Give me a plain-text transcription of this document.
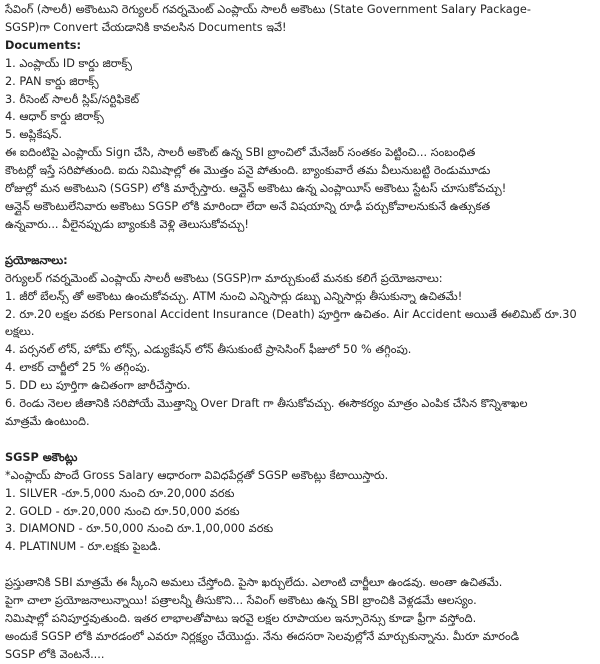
సేవింగ్ (సాలరీ) అకౌంటుని రెగ్యులర్ గవర్నమెంట్ ఎంప్లాయ్ సాలరీ అకౌంటు (State Government Salary Package-
SGSP)గా Convert చేయడానికి కావలసిన Documents ఇవే!
Documents:
1. ఎంప్లాయ్ ID కార్డు జిరాక్స్
2. PAN కార్డు జిరాక్స్
3. రీసెంట్ సాలరీ స్లిప్/సర్టిఫికెట్
4. ఆధార్ కార్డు జిరాక్స్
5. అప్లికేషన్.
ఈ ఐదింటిపై ఎంప్లాయ్ Sign చేసి, సాలరీ అకౌంట్ ఉన్న SBI బ్రాంచిలో మేనేజర్ సంతకం పెట్టించి... సంబంధిత
కౌంటర్లో ఇస్తే సరిపోతుంది. ఐదు నిమిషాల్లో ఈ మొత్తం పనై పోతుంది. బ్యాంకువారే తమ వీలునుబట్టి రెండుమూడు
రోజుల్లో మన అకౌంటుని (SGSP) లోకి మార్చేస్తారు. ఆన్లైన్ అకౌంటు ఉన్న ఎంప్లాయీస్ అకౌంటు స్టేటస్ చూసుకోవచ్చు!
ఆన్లైన్ అకౌంటులేనివారు అకౌంటు SGSP లోకి మారిందా లేదా అనే విషయాన్ని రూఢీ పర్చుకోవాలనుకునే ఉత్సుకత
ఉన్నవారు... వీలైనప్పుడు బ్యాంకుకి వెళ్లి తెలుసుకోవచ్చు!
ప్రయోజనాలు:
రెగ్యులర్ గవర్నమెంట్ ఎంప్లాయ్ సాలరీ అకౌంటు (SGSP)గా మార్చుకుంటే మనకు కలిగే ప్రయోజనాలు:
1. జీరో బేలన్స్ తో అకౌంటు ఉంచుకోవచ్చు. ATM నుంచి ఎన్నిసార్లు డబ్బు ఎన్నిసార్లు తీసుకున్నా ఉచితమే!
2. రూ.20 లక్షల వరకు Personal Accident Insurance (Death) పూర్తిగా ఉచితం. Air Accident అయితే ఈలిమిట్ రూ.30
లక్షలు.
4. పర్సనల్ లోన్, హోమ్ లోన్స్, ఎడ్యుకేషన్ లోన్ తీసుకుంటే ప్రాసెసింగ్ ఫీజులో 50 % తగ్గింపు.
4. లాకర్ చార్జీలో 25 % తగ్గింపు.
5. DD లు పూర్తిగా ఉచితంగా జారీచేస్తారు.
6. రెండు నెలల జీతానికి సరిపోయే మొత్తాన్ని Over Draft గా తీసుకోవచ్చు. ఈసౌకర్యం మాత్రం ఎంపిక చేసిన కొన్నిశాఖల
మాత్రమే ఉంటుంది.
SGSP అకౌంట్లు
*ఎంప్లాయ్ పొందే Gross Salary ఆధారంగా వివిధపేర్లతో SGSP అకౌంట్లు కేటాయిస్తారు.
1. SILVER -రూ.5,000 నుంచి రూ.20,000 వరకు
2. GOLD - రూ.20,000 నుంచి రూ.50,000 వరకు
3. DIAMOND - రూ.50,000 నుంచి రూ.1,00,000 వరకు
4. PLATINUM - రూ.లక్షకు పైబడి.
ప్రస్తుతానికి SBI మాత్రమే ఈ స్కీంని అమలు చేస్తోంది. పైసా ఖర్చులేదు. ఎలాంటి చార్జీలూ ఉండవు. అంతా ఉచితమే.
పైగా చాలా ప్రయోజనాలున్నాయి! పత్రాలన్నీ తీసుకొని... సేవింగ్ అకౌంటు ఉన్న SBI బ్రాంచికి వెళ్లడమే ఆలస్యం.
నిమిషాల్లో పనిపూర్తవుతుంది. ఇతర లాభాలతోపాటు ఇరవై లక్షల రూపాయల ఇన్సూరెన్సు కూడా ఫ్రీగా వస్తోంది.
అందుకే SGSP లోకి మారడంలో ఎవరూ నిర్లక్ష్యం చేయొద్దు. నేను ఈదసరా సెలవుల్లోనే మార్చుకున్నాను. మీరూ మారండి
SGSP లోకి వెంటనే....
